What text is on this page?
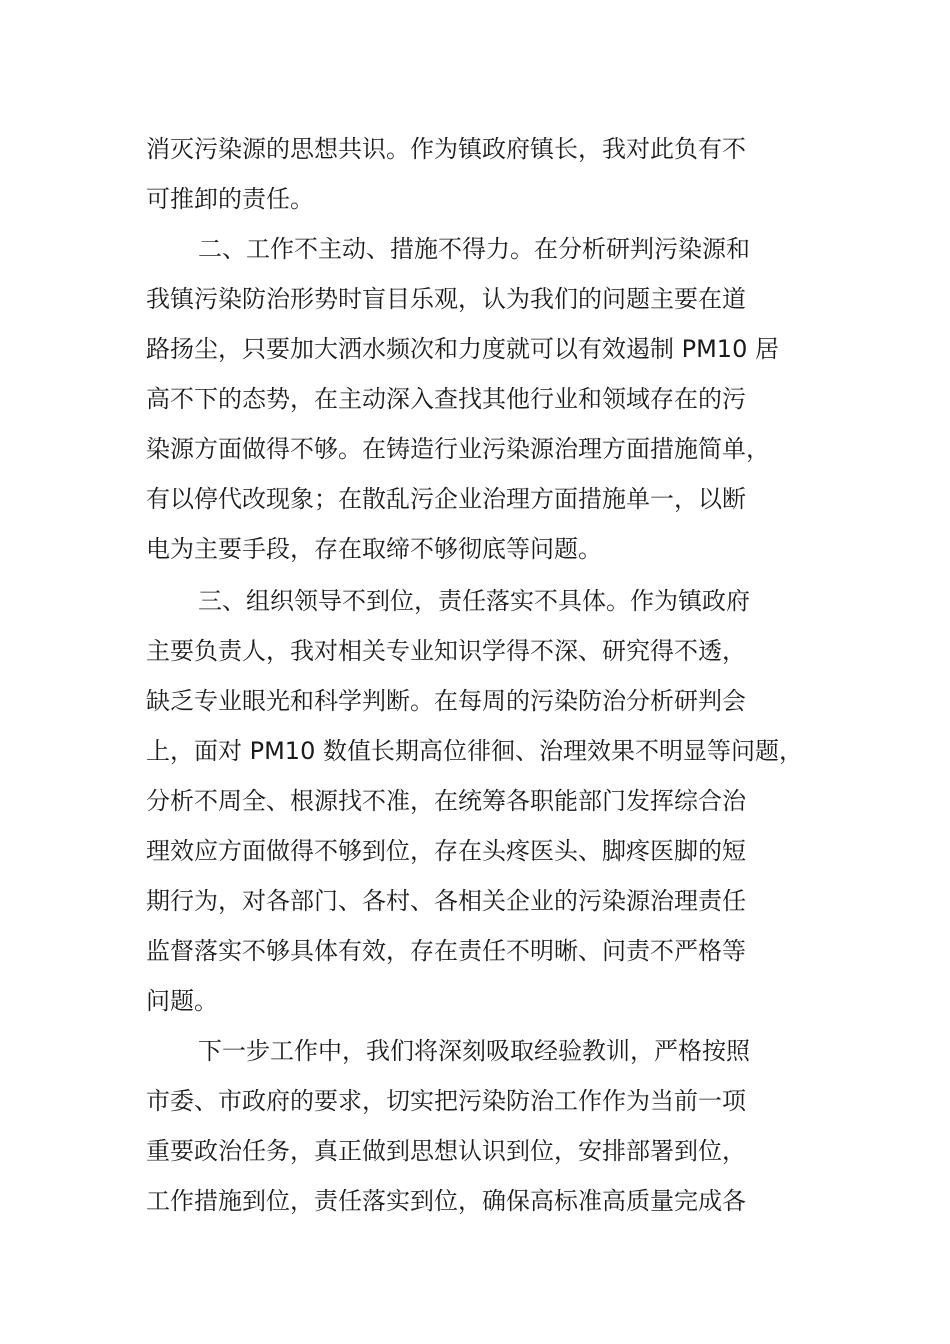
消灭污染源的思想共识。作为镇政府镇长，我对此负有不
可推卸的责任。
二、工作不主动、措施不得力。在分析研判污染源和
我镇污染防治形势时盲目乐观，认为我们的问题主要在道
路扬尘，只要加大洒水频次和力度就可以有效遏制 PM10 居
高不下的态势，在主动深入查找其他行业和领域存在的污
染源方面做得不够。在铸造行业污染源治理方面措施简单，
有以停代改现象；在散乱污企业治理方面措施单一，以断
电为主要手段，存在取缔不够彻底等问题。
三、组织领导不到位，责任落实不具体。作为镇政府
主要负责人，我对相关专业知识学得不深、研究得不透，
缺乏专业眼光和科学判断。在每周的污染防治分析研判会
上，面对 PM10 数值长期高位徘徊、治理效果不明显等问题，
分析不周全、根源找不准，在统筹各职能部门发挥综合治
理效应方面做得不够到位，存在头疼医头、脚疼医脚的短
期行为，对各部门、各村、各相关企业的污染源治理责任
监督落实不够具体有效，存在责任不明晰、问责不严格等
问题。
下一步工作中，我们将深刻吸取经验教训，严格按照
市委、市政府的要求，切实把污染防治工作作为当前一项
重要政治任务，真正做到思想认识到位，安排部署到位，
工作措施到位，责任落实到位，确保高标准高质量完成各
